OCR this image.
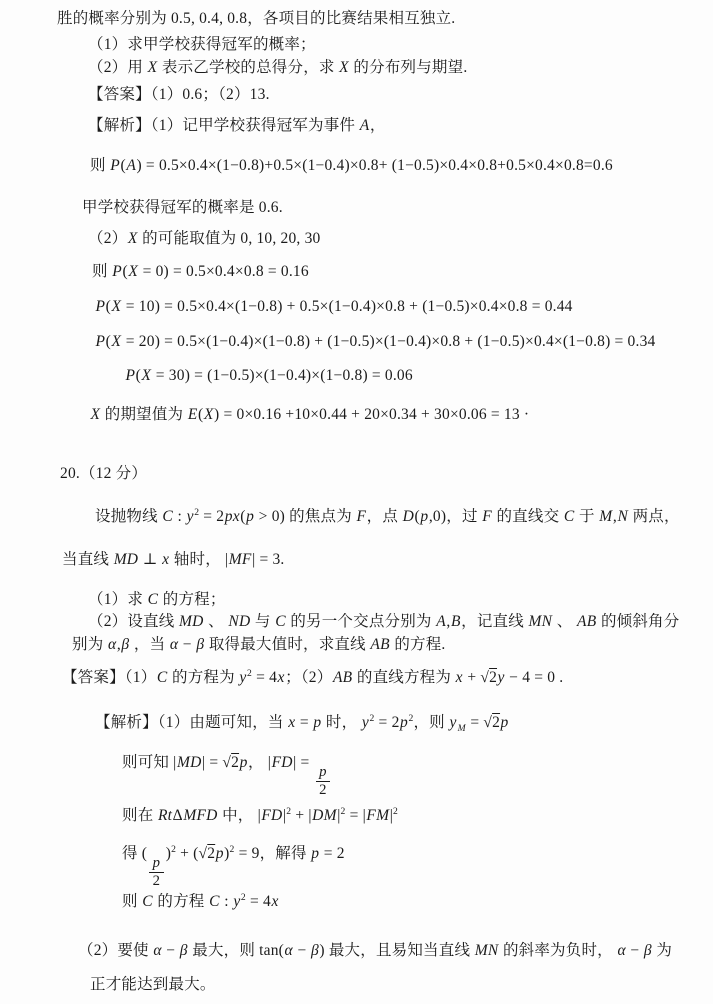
胜的概率分别为 0.5, 0.4, 0.8，各项目的比赛结果相互独立.
（1）求甲学校获得冠军的概率；
（2）用 X 表示乙学校的总得分，求 X 的分布列与期望.
【答案】（1）0.6；（2）13.
【解析】（1）记甲学校获得冠军为事件 A，
则 P(A) = 0.5×0.4×(1−0.8)+0.5×(1−0.4)×0.8+ (1−0.5)×0.4×0.8+0.5×0.4×0.8=0.6
甲学校获得冠军的概率是 0.6.
（2）X 的可能取值为 0, 10, 20, 30
则 P(X = 0) = 0.5×0.4×0.8 = 0.16
P(X = 10) = 0.5×0.4×(1−0.8) + 0.5×(1−0.4)×0.8 + (1−0.5)×0.4×0.8 = 0.44
P(X = 20) = 0.5×(1−0.4)×(1−0.8) + (1−0.5)×(1−0.4)×0.8 + (1−0.5)×0.4×(1−0.8) = 0.34
P(X = 30) = (1−0.5)×(1−0.4)×(1−0.8) = 0.06
X 的期望值为 E(X) = 0×0.16 +10×0.44 + 20×0.34 + 30×0.06 = 13 ·
20.（12 分）
设抛物线 C : $y^2 = 2px(p > 0)$ 的焦点为 F，点 D(p,0)，过 F 的直线交 C 于 M,N 两点，
当直线 MD ⊥ x 轴时， |MF| = 3.
（1）求 C 的方程；
（2）设直线 MD 、 ND 与 C 的另一个交点分别为 A,B，记直线 MN 、 AB 的倾斜角分
别为 α,β ，当 α − β 取得最大值时，求直线 AB 的方程.
【答案】（1）C 的方程为 $y^2 = 4x$；（2）AB 的直线方程为 x + √2y − 4 = 0 .
【解析】（1）由题可知，当 x = p 时， $y^2 = 2p^2$，则 $y_M = √2p$
则可知 |MD| = √2p， |FD| =
$\frac{p}{2}$
则在 RtΔMFD 中， $|FD|^2 + |DM|^2 = |FM|^2$
得 (
$\frac{p}{2}$
)$^2 + (√2p)^2 = 9$，解得 p = 2
则 C 的方程 C : $y^2 = 4x$
（2）要使 α − β 最大，则 tan(α − β) 最大，且易知当直线 MN 的斜率为负时， α − β 为
正才能达到最大。
